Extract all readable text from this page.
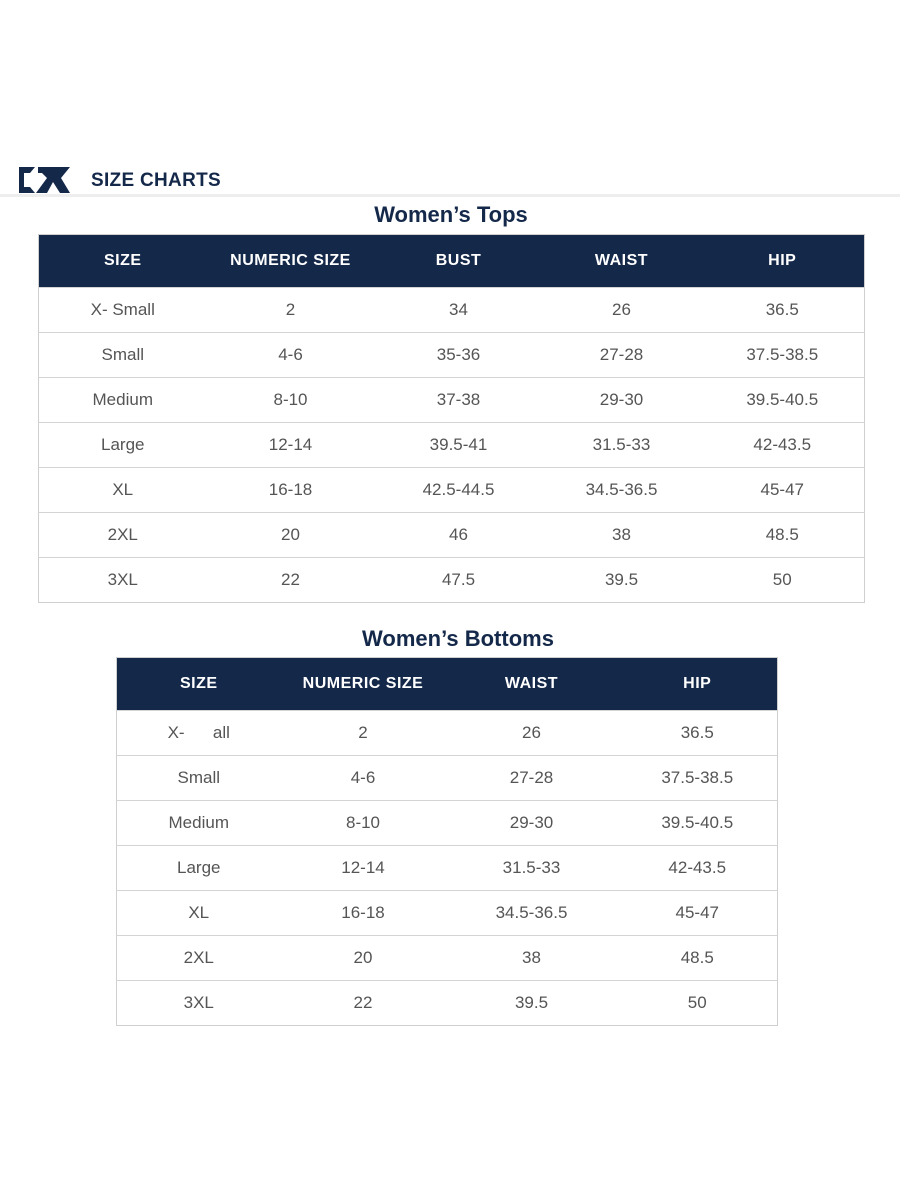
SIZE CHARTS
Women’s Tops
SIZE	NUMERIC SIZE	BUST	WAIST	HIP
X- Small	2	34	26	36.5
Small	4-6	35-36	27-28	37.5-38.5
Medium	8-10	37-38	29-30	39.5-40.5
Large	12-14	39.5-41	31.5-33	42-43.5
XL	16-18	42.5-44.5	34.5-36.5	45-47
2XL	20	46	38	48.5
3XL	22	47.5	39.5	50
Women’s Bottoms
SIZE	NUMERIC SIZE	WAIST	HIP
X-      all	2	26	36.5
Small	4-6	27-28	37.5-38.5
Medium	8-10	29-30	39.5-40.5
Large	12-14	31.5-33	42-43.5
XL	16-18	34.5-36.5	45-47
2XL	20	38	48.5
3XL	22	39.5	50
